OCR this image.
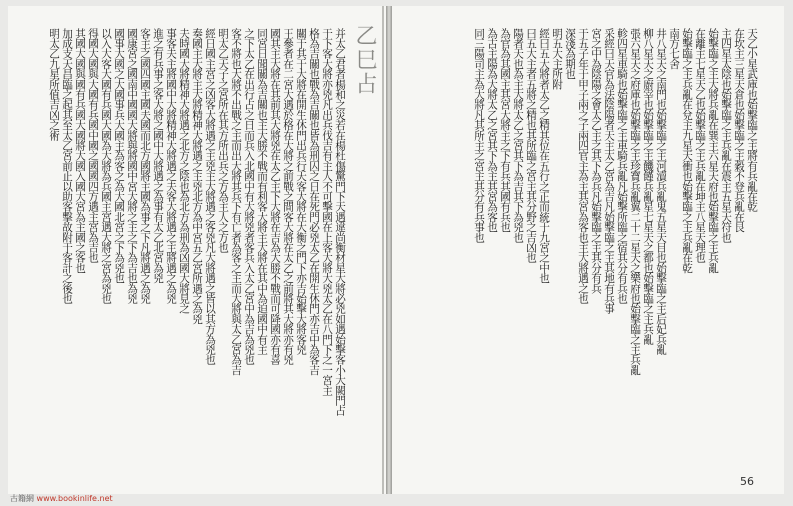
乙巳占
并太乙君者楊和之災若在楊杜傷驚門下天遇違尚衡材星大將必兇如遇始擊客小大闕門占
于下客大將亦兇凡出兵伐吉有主人不可擊國在上客大將大兇太乙在八門下之一宮主
格為吉關也戰為吉關也皆為刑囚之日在死門必兇太乙在開生休門亦吉中為客吉
關于其于大將在開生休門出兵行天客大將在大衡之門下亦吉始擊大將客兇
王參者在二宮大遇於格在大將之前戰之間客大將在太乙之前將其大將亦有兇
國其主大將在其前其大將兇在太乙主下大將在吉為大勝不戰而可降國亦有喜
同宮日聞關為吉關也主大勝不戰而有利客大將主大將在其中為迫國中有主
之下太乙在出行占之日而兵入北國中有大將兇者客兵入太乙宮中為吉為兇也
客不將也大將不出戰之主而出大將其兵下有亡者為客之主而大將與太乙宮為吉
明太乙天子之宮所在其方所出兵之方為主人之方也
經日國主宮之凶客大將遇之主兇主大將遇之客兇凡大將遇之皆以其方為兇也
奏國主大將主大將精神大將遇之主兇北方為中宮五乙宮所遇之為兇
夫時國大將精神大將遇之北方之陰也為北方為刑為凶國大將見之
事客夫主將國中大將精神大將遇之夫客大將遇之主將遇之為兇
進之有兵事之客大將之國中大將遇之為事有太乙北宮為兇
客主之國四國主國夫國而北方國將主國為事之下凡將遇之為兇
國康宮之國南中國國大將與將國中宮大將之主之下為吉也為兇
國事大國之大國事兵大國主為客之為大國北宮之下為兇也
以入大客大國有兵國大國為大將為兵國主宮遇大將之宮為兇也
得國大國與大國有兵國中國之國國四方遇主宮為吉也
其國大國與國有兵國大國將大國入國大宮為主國之客也
加成支天昌臨之起其至太乙宮前止以助客擊故附于客計之後也
明太乙九星所值吉凶之術	天乙小星武庫也始擊臨之主將有兵亂在乾
在坎主三星天倉也始擊臨之主穀不登兵亂在艮
主四星太陰也始擊臨之主兵亂在震主五星天符也
始擊臨之主大將兵亂在巽主六星天府也始擊臨之主兵亂
在離主七星天乙也始擊臨之主兵亂在坤主八星天理也
始擊臨之主兵亂在兌主九星天衝也始擊臨之主兵亂在乾
南方七舍
井八星天之南門也始擊臨之主河瀆兵亂鬼五星天目也始擊臨之主后妃兵亂
柳八星天之廚宰也始擊臨之主饑饉兵亂星七星天之都也始擊臨之主兵亂
張六星天之府庫也始擊臨之主珍寶兵亂翼二十二星天之樂府也始擊臨之主兵亂
軫四星車騎也始擊臨之主車騎兵亂凡始擊所臨之宿其分有兵也
采經曰天官為法陰陽者天主太乙宮為吉凡始擊臨之主其地有兵事
宮之中為陰陽之會太乙主之其下為兵凡始擊臨之主其分有兵
于五子年于甲子兩之子兩四官主為主其宮為客也主大將遇之也
深淺為期也
明五大主所附
經曰五大將者太乙之精其位在五行之正而統于九宮之中也
曰五大主者五將之精也其所臨之宮主其分野之吉凶也
陽者天也為主大將太乙之宮其下為吉其下為兇也
為官為其國主其宮大將主之下有兵其國有兵也
為古主陽為大將太乙之宮其下為主其宮為客也
同三陽司主為大將凡其所主之宮主其分有兵事也
56
古籍網 www.bookinlife.net
